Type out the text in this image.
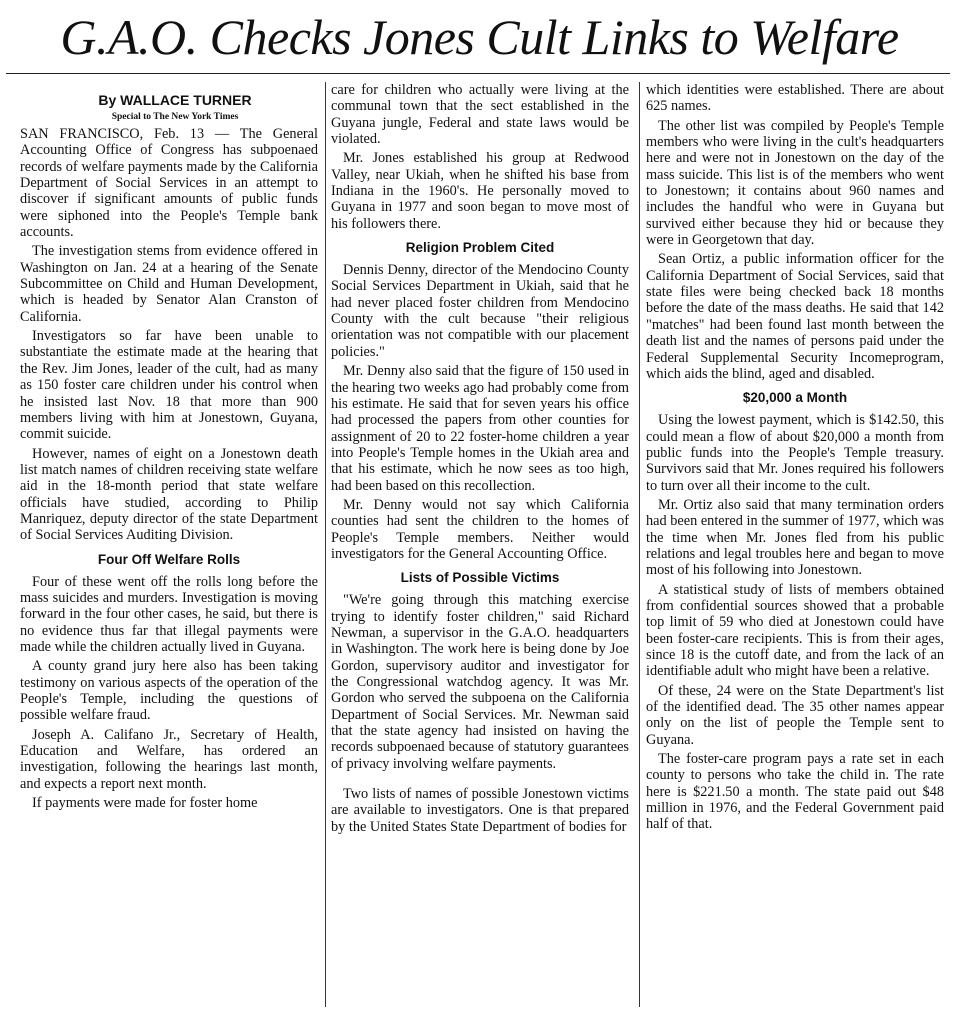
G.A.O. Checks Jones Cult Links to Welfare

By WALLACE TURNER

Special to The New York Times

SAN FRANCISCO, Feb. 13 — The General Accounting Office of Congress has subpoenaed records of welfare payments made by the California Department of Social Services in an attempt to discover if significant amounts of public funds were siphoned into the People's Temple bank accounts.

The investigation stems from evidence offered in Washington on Jan. 24 at a hearing of the Senate Subcommittee on Child and Human Development, which is headed by Senator Alan Cranston of California.

Investigators so far have been unable to substantiate the estimate made at the hearing that the Rev. Jim Jones, leader of the cult, had as many as 150 foster care children under his control when he insisted last Nov. 18 that more than 900 members living with him at Jonestown, Guyana, commit suicide.

However, names of eight on a Jonestown death list match names of children receiving state welfare aid in the 18-month period that state welfare officials have studied, according to Philip Manriquez, deputy director of the state Department of Social Services Auditing Division.

Four Off Welfare Rolls

Four of these went off the rolls long before the mass suicides and murders. Investigation is moving forward in the four other cases, he said, but there is no evidence thus far that illegal payments were made while the children actually lived in Guyana.

A county grand jury here also has been taking testimony on various aspects of the operation of the People's Temple, including the questions of possible welfare fraud.

Joseph A. Califano Jr., Secretary of Health, Education and Welfare, has ordered an investigation, following the hearings last month, and expects a report next month.

If payments were made for foster home

care for children who actually were living at the communal town that the sect established in the Guyana jungle, Federal and state laws would be violated.

Mr. Jones established his group at Redwood Valley, near Ukiah, when he shifted his base from Indiana in the 1960's. He personally moved to Guyana in 1977 and soon began to move most of his followers there.

Religion Problem Cited

Dennis Denny, director of the Mendocino County Social Services Department in Ukiah, said that he had never placed foster children from Mendocino County with the cult because "their religious orientation was not compatible with our placement policies."

Mr. Denny also said that the figure of 150 used in the hearing two weeks ago had probably come from his estimate. He said that for seven years his office had processed the papers from other counties for assignment of 20 to 22 foster-home children a year into People's Temple homes in the Ukiah area and that his estimate, which he now sees as too high, had been based on this recollection.

Mr. Denny would not say which California counties had sent the children to the homes of People's Temple members. Neither would investigators for the General Accounting Office.

Lists of Possible Victims

"We're going through this matching exercise trying to identify foster children," said Richard Newman, a supervisor in the G.A.O. headquarters in Washington. The work here is being done by Joe Gordon, supervisory auditor and investigator for the Congressional watchdog agency. It was Mr. Gordon who served the subpoena on the California Department of Social Services. Mr. Newman said that the state agency had insisted on having the records subpoenaed because of statutory guarantees of privacy involving welfare payments.

Two lists of names of possible Jonestown victims are available to investigators. One is that prepared by the United States State Department of bodies for

which identities were established. There are about 625 names.

The other list was compiled by People's Temple members who were living in the cult's headquarters here and were not in Jonestown on the day of the mass suicide. This list is of the members who went to Jonestown; it contains about 960 names and includes the handful who were in Guyana but survived either because they hid or because they were in Georgetown that day.

Sean Ortiz, a public information officer for the California Department of Social Services, said that state files were being checked back 18 months before the date of the mass deaths. He said that 142 "matches" had been found last month between the death list and the names of persons paid under the Federal Supplemental Security Incomeprogram, which aids the blind, aged and disabled.

$20,000 a Month

Using the lowest payment, which is $142.50, this could mean a flow of about $20,000 a month from public funds into the People's Temple treasury. Survivors said that Mr. Jones required his followers to turn over all their income to the cult.

Mr. Ortiz also said that many termination orders had been entered in the summer of 1977, which was the time when Mr. Jones fled from his public relations and legal troubles here and began to move most of his following into Jonestown.

A statistical study of lists of members obtained from confidential sources showed that a probable top limit of 59 who died at Jonestown could have been foster-care recipients. This is from their ages, since 18 is the cutoff date, and from the lack of an identifiable adult who might have been a relative.

Of these, 24 were on the State Department's list of the identified dead. The 35 other names appear only on the list of people the Temple sent to Guyana.

The foster-care program pays a rate set in each county to persons who take the child in. The rate here is $221.50 a month. The state paid out $48 million in 1976, and the Federal Government paid half of that.
